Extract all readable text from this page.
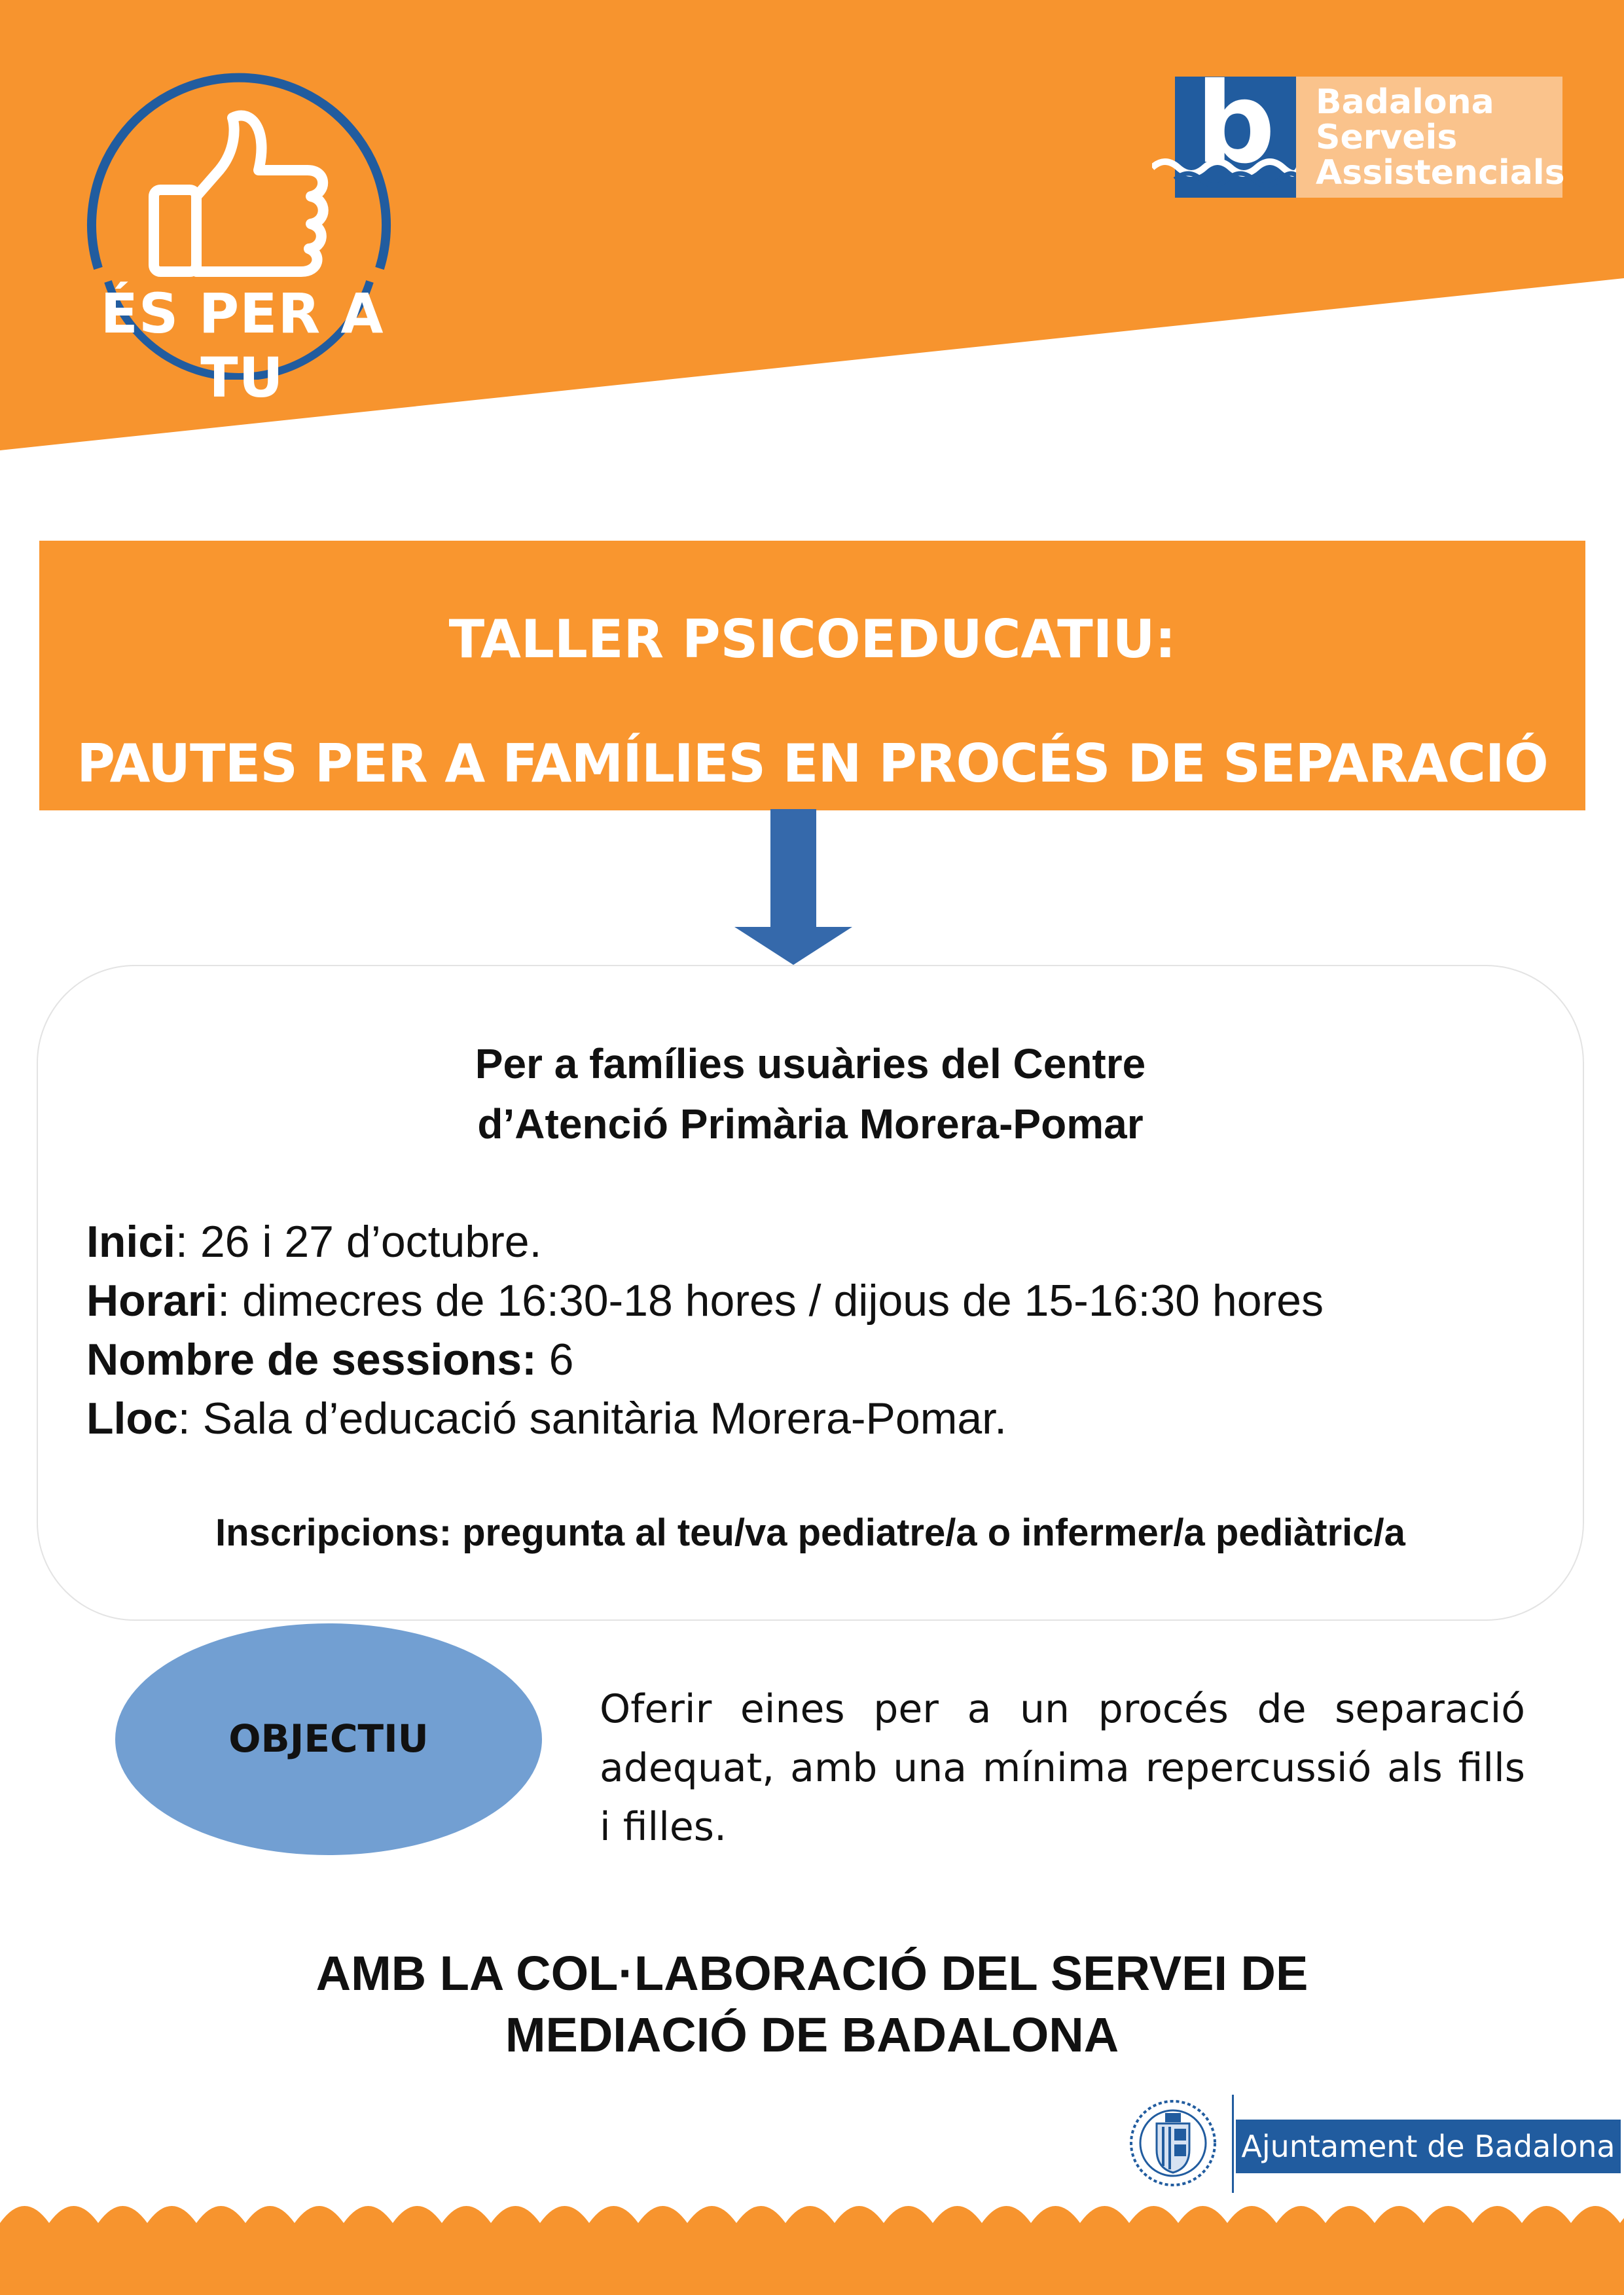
ÉS PER A TU
b	Badalona
Serveis
Assistencials
TALLER PSICOEDUCATIU:
PAUTES PER A FAMÍLIES EN PROCÉS DE SEPARACIÓ
Per a famílies usuàries del Centre
d’Atenció Primària Morera-Pomar
Inici: 26 i 27 d’octubre.
Horari: dimecres de 16:30-18 hores / dijous de 15-16:30 hores
Nombre de sessions: 6
Lloc: Sala d’educació sanitària Morera-Pomar.
Inscripcions: pregunta al teu/va pediatre/a o infermer/a pediàtric/a
OBJECTIU
Oferir eines per a un procés de separació adequat, amb una mínima repercussió als fills i filles.
AMB LA COL·LABORACIÓ DEL SERVEI DE
MEDIACIÓ DE BADALONA
Ajuntament de Badalona
